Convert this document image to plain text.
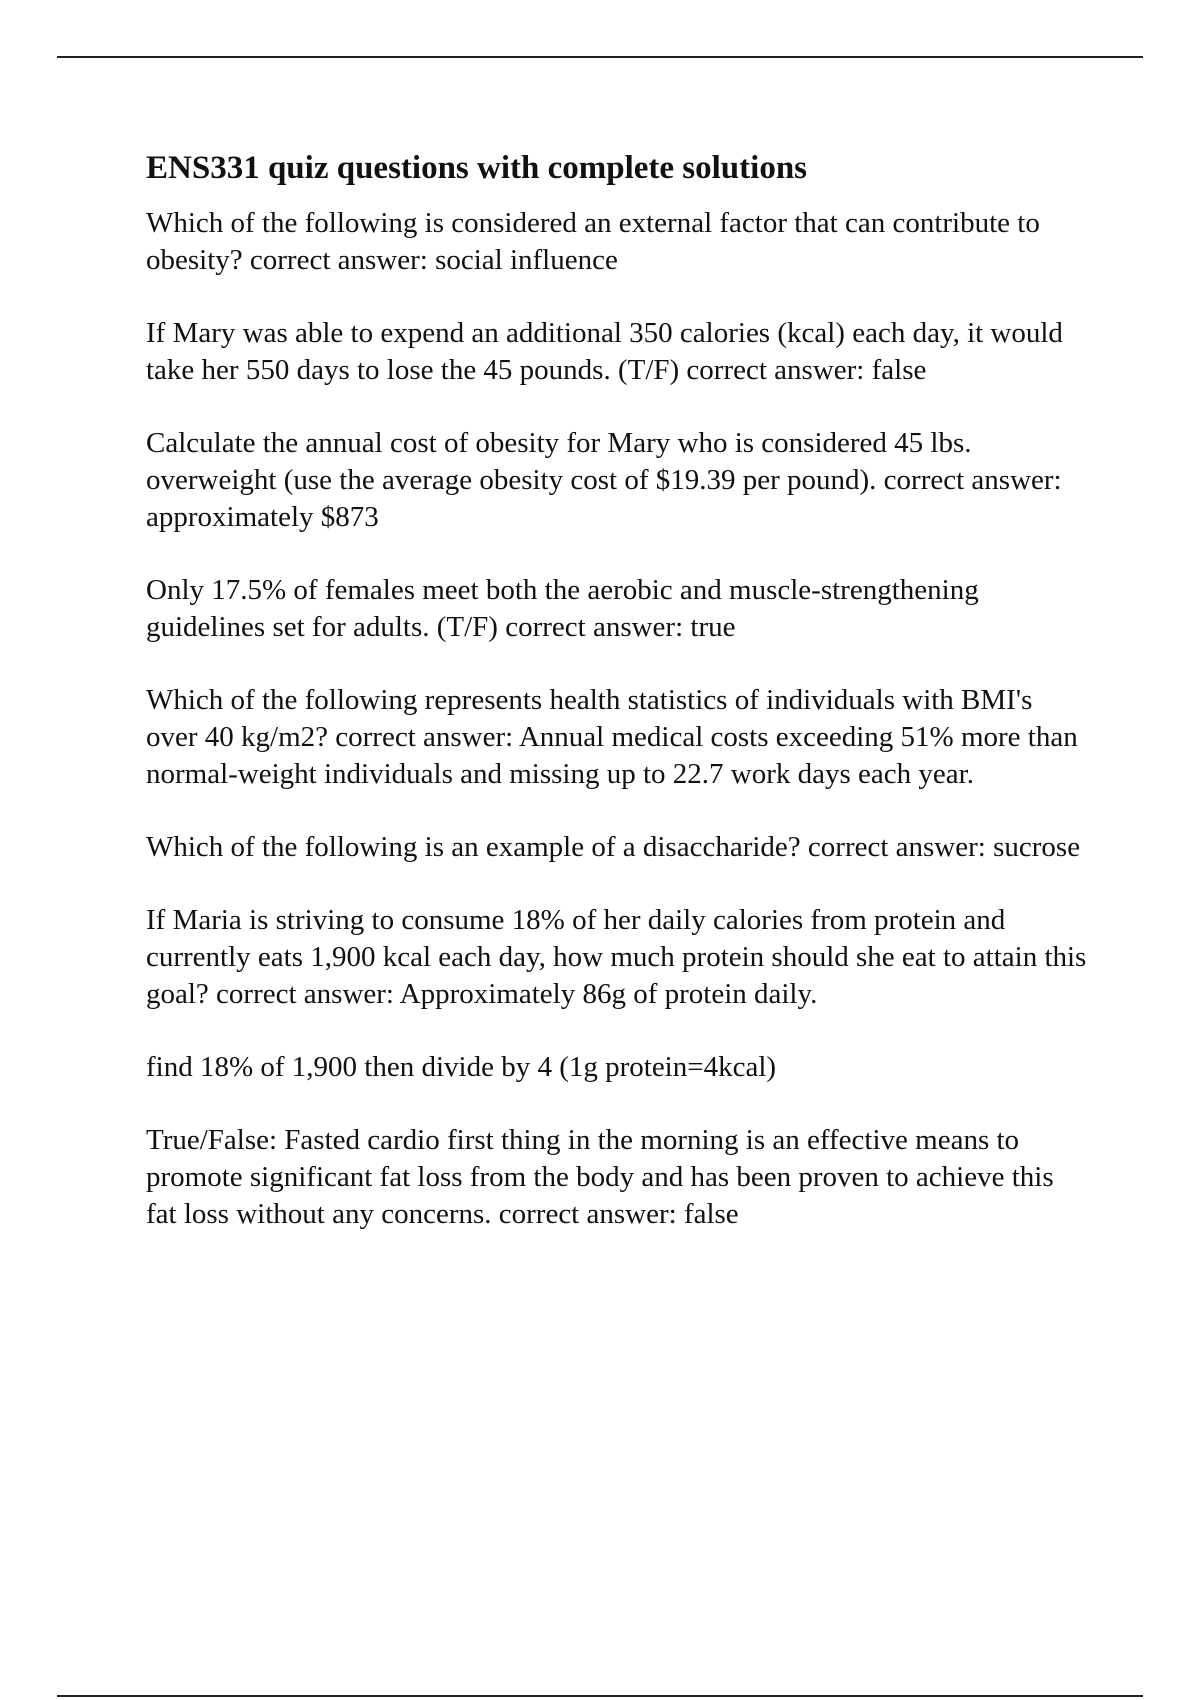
ENS331 quiz questions with complete solutions

Which of the following is considered an external factor that can contribute to obesity? correct answer: social influence

If Mary was able to expend an additional 350 calories (kcal) each day, it would take her 550 days to lose the 45 pounds. (T/F) correct answer: false

Calculate the annual cost of obesity for Mary who is considered 45 lbs. overweight (use the average obesity cost of $19.39 per pound). correct answer: approximately $873

Only 17.5% of females meet both the aerobic and muscle-strengthening guidelines set for adults. (T/F) correct answer: true

Which of the following represents health statistics of individuals with BMI's over 40 kg/m2? correct answer: Annual medical costs exceeding 51% more than normal-weight individuals and missing up to 22.7 work days each year.

Which of the following is an example of a disaccharide? correct answer: sucrose

If Maria is striving to consume 18% of her daily calories from protein and currently eats 1,900 kcal each day, how much protein should she eat to attain this goal? correct answer: Approximately 86g of protein daily.

find 18% of 1,900 then divide by 4 (1g protein=4kcal)

True/False: Fasted cardio first thing in the morning is an effective means to promote significant fat loss from the body and has been proven to achieve this fat loss without any concerns. correct answer: false
